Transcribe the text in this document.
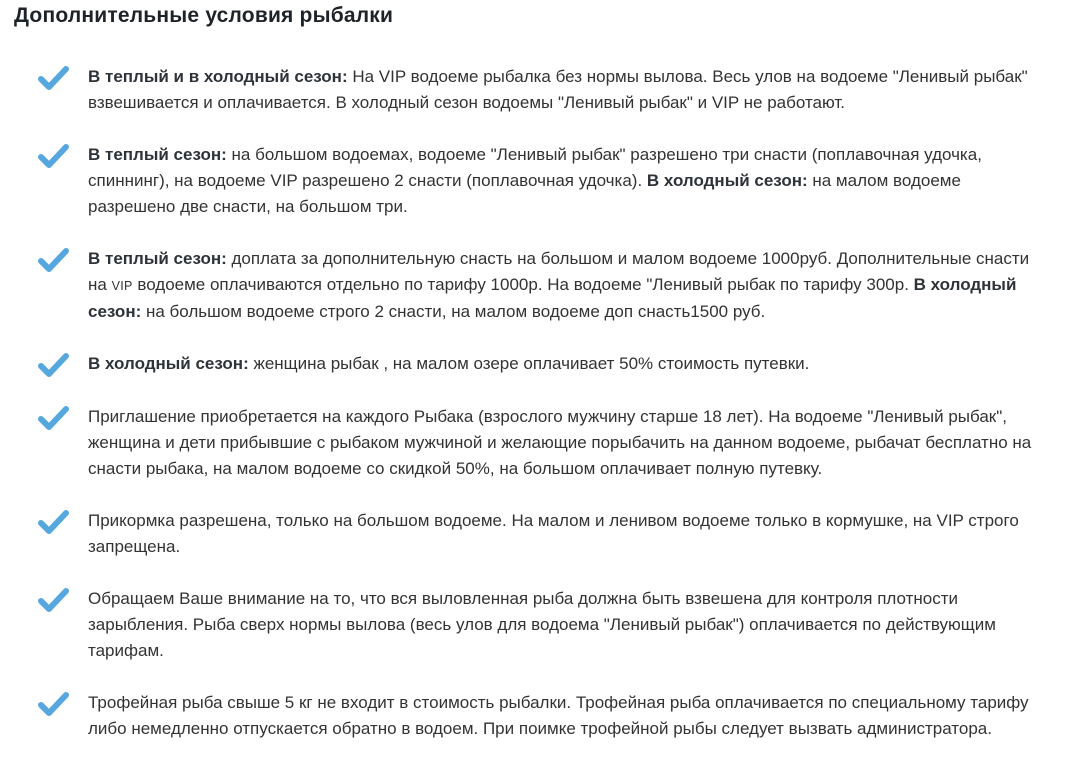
Дополнительные условия рыбалки

В теплый и в холодный сезон: На VIP водоеме рыбалка без нормы вылова. Весь улов на водоеме "Ленивый рыбак" взвешивается и оплачивается. В холодный сезон водоемы "Ленивый рыбак" и VIP не работают.

В теплый сезон: на большом водоемах, водоеме "Ленивый рыбак" разрешено три снасти (поплавочная удочка, спиннинг), на водоеме VIP разрешено 2 снасти (поплавочная удочка). В холодный сезон: на малом водоеме разрешено две снасти, на большом три.

В теплый сезон: доплата за дополнительную снасть на большом и малом водоеме 1000руб. Дополнительные снасти на VIP водоеме оплачиваются отдельно по тарифу 1000р. На водоеме "Ленивый рыбак по тарифу 300р. В холодный сезон: на большом водоеме строго 2 снасти, на малом водоеме доп снасть1500 руб.

В холодный сезон: женщина рыбак , на малом озере оплачивает 50% стоимость путевки.

Приглашение приобретается на каждого Рыбака (взрослого мужчину старше 18 лет). На водоеме "Ленивый рыбак", женщина и дети прибывшие с рыбаком мужчиной и желающие порыбачить на данном водоеме, рыбачат бесплатно на снасти рыбака, на малом водоеме со скидкой 50%, на большом оплачивает полную путевку.

Прикормка разрешена, только на большом водоеме. На малом и ленивом водоеме только в кормушке, на VIP строго запрещена.

Обращаем Ваше внимание на то, что вся выловленная рыба должна быть взвешена для контроля плотности зарыбления. Рыба сверх нормы вылова (весь улов для водоема "Ленивый рыбак") оплачивается по действующим тарифам.

Трофейная рыба свыше 5 кг не входит в стоимость рыбалки. Трофейная рыба оплачивается по специальному тарифу либо немедленно отпускается обратно в водоем. При поимке трофейной рыбы следует вызвать администратора.
